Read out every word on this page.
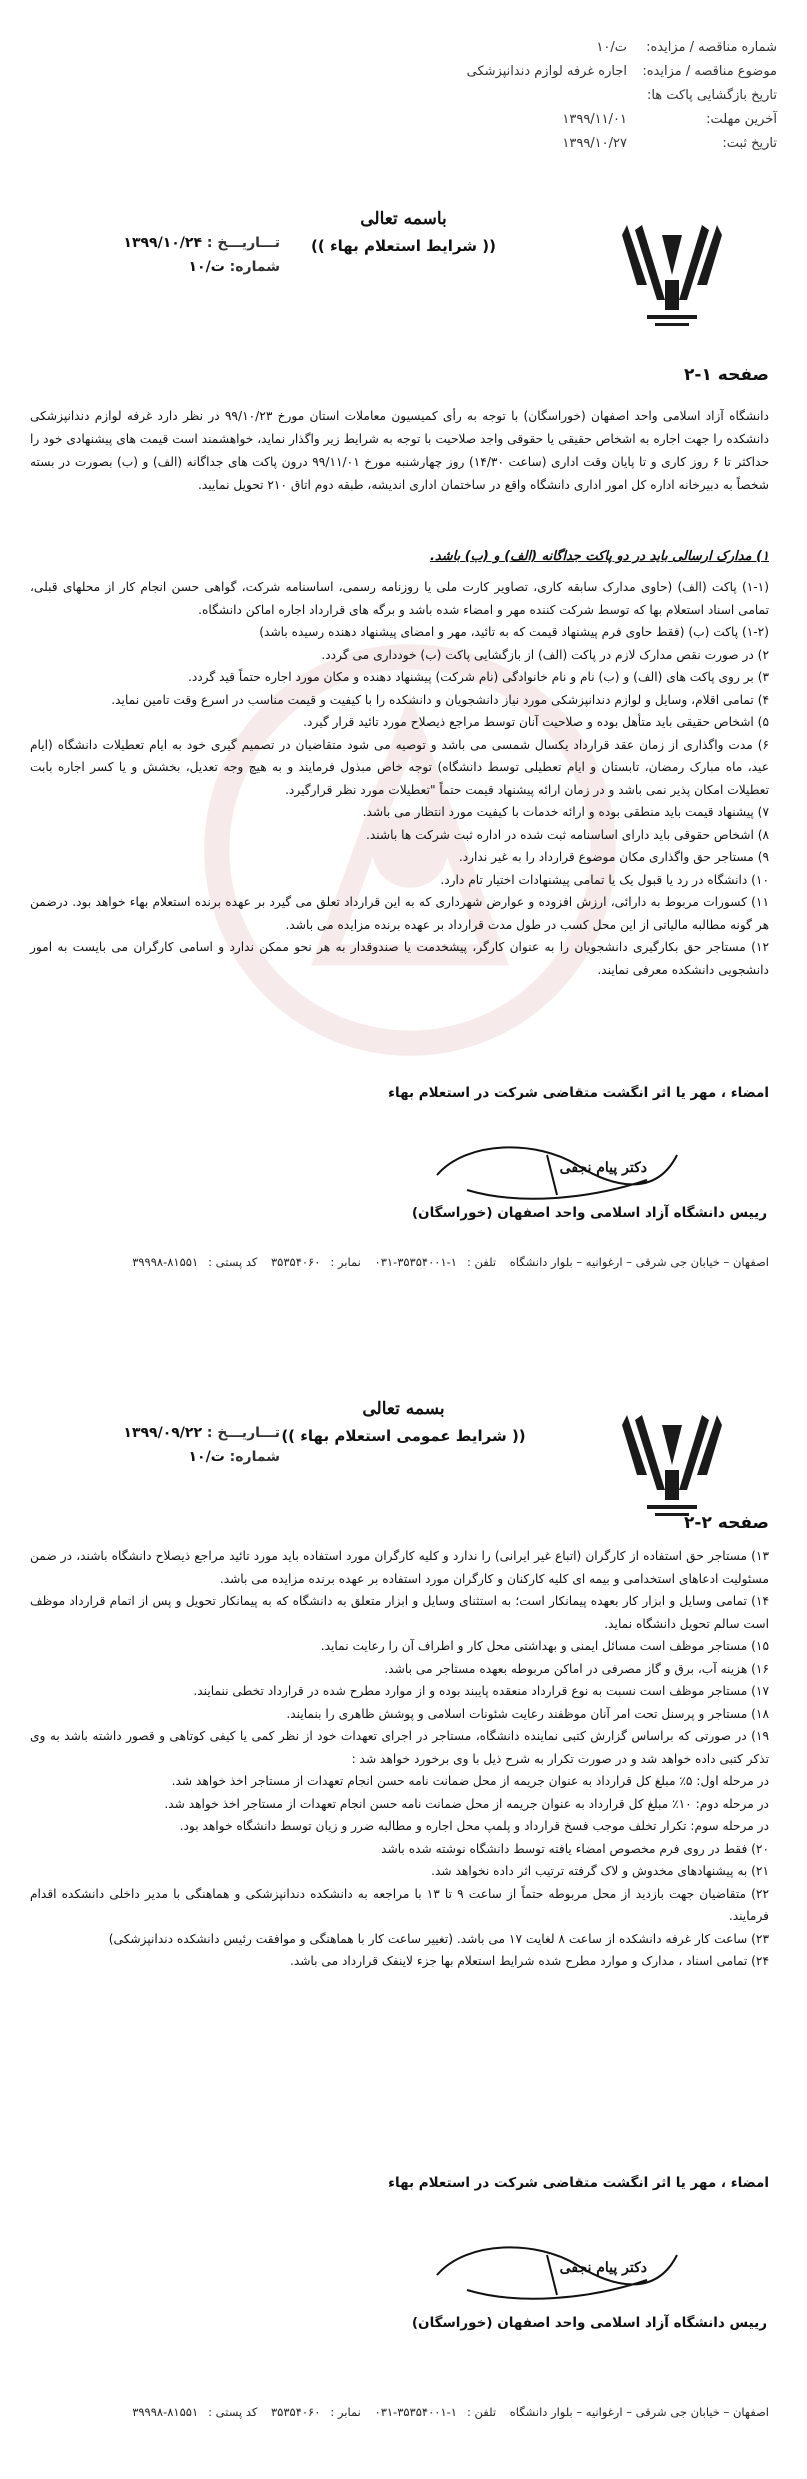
شماره مناقصه / مزایده:
ت/۱۰
موضوع مناقصه / مزایده:
اجاره غرفه لوازم دندانپزشکی
تاریخ بازگشایی پاکت ها:
آخرین مهلت:
۱۳۹۹/۱۱/۰۱
تاریخ ثبت:
۱۳۹۹/۱۰/۲۷
باسمه تعالی
(( شرایط استعلام بهاء ))
تـــاریـــخ : ۱۳۹۹/۱۰/۲۴
شماره: ۱۰/ت
صفحه ۱-۲
دانشگاه آزاد اسلامی واحد اصفهان (خوراسگان) با توجه به رأی کمیسیون معاملات استان مورخ ۹۹/۱۰/۲۳ در نظر دارد غرفه لوازم دندانپزشکی دانشکده را جهت اجاره به اشخاص حقیقی یا حقوقی واجد صلاحیت با توجه به شرایط زیر واگذار نماید، خواهشمند است قیمت های پیشنهادی خود را حداکثر تا ۶ روز کاری و تا پایان وقت اداری (ساعت ۱۴/۳۰) روز چهارشنبه مورخ ۹۹/۱۱/۰۱ درون پاکت های جداگانه (الف) و (ب) بصورت در بسته شخصاً به دبیرخانه اداره کل امور اداری دانشگاه واقع در ساختمان اداری اندیشه، طبقه دوم اتاق ۲۱۰ تحویل نمایید.
۱) مدارک ارسالی باید در دو پاکت جداگانه (الف) و (ب) باشد.
(۱-۱) پاکت (الف) (حاوی مدارک سابقه کاری، تصاویر کارت ملی یا روزنامه رسمی، اساسنامه شرکت، گواهی حسن انجام کار از محلهای قبلی، تمامی اسناد استعلام بها که توسط شرکت کننده مهر و امضاء شده باشد و برگه های قرارداد اجاره اماکن دانشگاه.
(۱-۲) پاکت (ب) (فقط حاوی فرم پیشنهاد قیمت که به تائید، مهر و امضای پیشنهاد دهنده رسیده باشد)
۲) در صورت نقص مدارک لازم در پاکت (الف) از بازگشایی پاکت (ب) خودداری می گردد.
۳) بر روی پاکت های (الف) و (ب) نام و نام خانوادگی (نام شرکت) پیشنهاد دهنده و مکان مورد اجاره حتماً قید گردد.
۴) تمامی اقلام، وسایل و لوازم دندانپزشکی مورد نیاز دانشجویان و دانشکده را با کیفیت و قیمت مناسب در اسرع وقت تامین نماید.
۵) اشخاص حقیقی باید متأهل بوده و صلاحیت آنان توسط مراجع ذیصلاح مورد تائید قرار گیرد.
۶) مدت واگذاری از زمان عقد قرارداد یکسال شمسی می باشد و توصیه می شود متقاضیان در تصمیم گیری خود به ایام تعطیلات دانشگاه (ایام عید، ماه مبارک رمضان، تابستان و ایام تعطیلی توسط دانشگاه) توجه خاص مبذول فرمایند و به هیچ وجه تعدیل، بخشش و یا کسر اجاره بابت تعطیلات امکان پذیر نمی باشد و در زمان ارائه پیشنهاد قیمت حتماً "تعطیلات مورد نظر قرارگیرد.
۷) پیشنهاد قیمت باید منطقی بوده و ارائه خدمات با کیفیت مورد انتظار می باشد.
۸) اشخاص حقوقی باید دارای اساسنامه ثبت شده در اداره ثبت شرکت ها باشند.
۹) مستاجر حق واگذاری مکان موضوع قرارداد را به غیر ندارد.
۱۰) دانشگاه در رد یا قبول یک یا تمامی پیشنهادات اختیار تام دارد.
۱۱) کسورات مربوط به دارائی، ارزش افزوده و عوارض شهرداری که به این قرارداد تعلق می گیرد بر عهده برنده استعلام بهاء خواهد بود. درضمن هر گونه مطالبه مالیاتی از این محل کسب در طول مدت قرارداد بر عهده برنده مزایده می باشد.
۱۲) مستاجر حق بکارگیری دانشجویان را به عنوان کارگر، پیشخدمت یا صندوقدار به هر نحو ممکن ندارد و اسامی کارگران می بایست به امور دانشجویی دانشکده معرفی نمایند.
امضاء ، مهر یا اثر انگشت متقاضی شرکت در استعلام بهاء
دکتر پیام نجفی
رییس دانشگاه آزاد اسلامی واحد اصفهان (خوراسگان)
اصفهان – خیابان جی شرقی – ارغوانیه – بلوار دانشگاه تلفن :۱-۳۵۳۵۴۰۰۱-۰۳۱ نمابر :۳۵۳۵۴۰۶۰ کد پستی :۸۱۵۵۱-۳۹۹۹۸
بسمه تعالی
(( شرایط عمومی استعلام بهاء ))
تـــاریـــخ : ۱۳۹۹/۰۹/۲۲
شماره: ۱۰/ت
صفحه ۲-۲
۱۳) مستاجر حق استفاده از کارگران (اتباع غیر ایرانی) را ندارد و کلیه کارگران مورد استفاده باید مورد تائید مراجع ذیصلاح دانشگاه باشند، در ضمن مسئولیت ادعاهای استخدامی و بیمه ای کلیه کارکنان و کارگران مورد استفاده بر عهده برنده مزایده می باشد.
۱۴) تمامی وسایل و ابزار کار بعهده پیمانکار است؛ به استثنای وسایل و ابزار متعلق به دانشگاه که به پیمانکار تحویل و پس از اتمام قرارداد موظف است سالم تحویل دانشگاه نماید.
۱۵) مستاجر موظف است مسائل ایمنی و بهداشتی محل کار و اطراف آن را رعایت نماید.
۱۶) هزینه آب، برق و گاز مصرفی در اماکن مربوطه بعهده مستاجر می باشد.
۱۷) مستاجر موظف است نسبت به نوع قرارداد منعقده پایبند بوده و از موارد مطرح شده در قرارداد تخطی ننمایند.
۱۸) مستاجر و پرسنل تحت امر آنان موظفند رعایت شئونات اسلامی و پوشش ظاهری را بنمایند.
۱۹) در صورتی که براساس گزارش کتبی نماینده دانشگاه، مستاجر در اجرای تعهدات خود از نظر کمی یا کیفی کوتاهی و قصور داشته باشد به وی تذکر کتبی داده خواهد شد و در صورت تکرار به شرح ذیل با وی برخورد خواهد شد :
در مرحله اول: ۵٪ مبلغ کل قرارداد به عنوان جریمه از محل ضمانت نامه حسن انجام تعهدات از مستاجر اخذ خواهد شد.
در مرحله دوم: ۱۰٪ مبلغ کل قرارداد به عنوان جریمه از محل ضمانت نامه حسن انجام تعهدات از مستاجر اخذ خواهد شد.
در مرحله سوم: تکرار تخلف موجب فسخ قرارداد و پلمپ محل اجاره و مطالبه ضرر و زیان توسط دانشگاه خواهد بود.
۲۰) فقط در روی فرم مخصوص امضاء یافته توسط دانشگاه نوشته شده باشد
۲۱) به پیشنهادهای مخدوش و لاک گرفته ترتیب اثر داده نخواهد شد.
۲۲) متقاضیان جهت بازدید از محل مربوطه حتماً از ساعت ۹ تا ۱۳ با مراجعه به دانشکده دندانپزشکی و هماهنگی با مدیر داخلی دانشکده اقدام فرمایند.
۲۳) ساعت کار غرفه دانشکده از ساعت ۸ لغایت ۱۷ می باشد. (تغییر ساعت کار با هماهنگی و موافقت رئیس دانشکده دندانپزشکی)
۲۴) تمامی اسناد ، مدارک و موارد مطرح شده شرایط استعلام بها جزء لاینفک قرارداد می باشد.
امضاء ، مهر یا اثر انگشت متقاضی شرکت در استعلام بهاء
دکتر پیام نجفی
رییس دانشگاه آزاد اسلامی واحد اصفهان (خوراسگان)
اصفهان – خیابان جی شرقی – ارغوانیه – بلوار دانشگاه تلفن :۱-۳۵۳۵۴۰۰۱-۰۳۱ نمابر :۳۵۳۵۴۰۶۰ کد پستی :۸۱۵۵۱-۳۹۹۹۸
